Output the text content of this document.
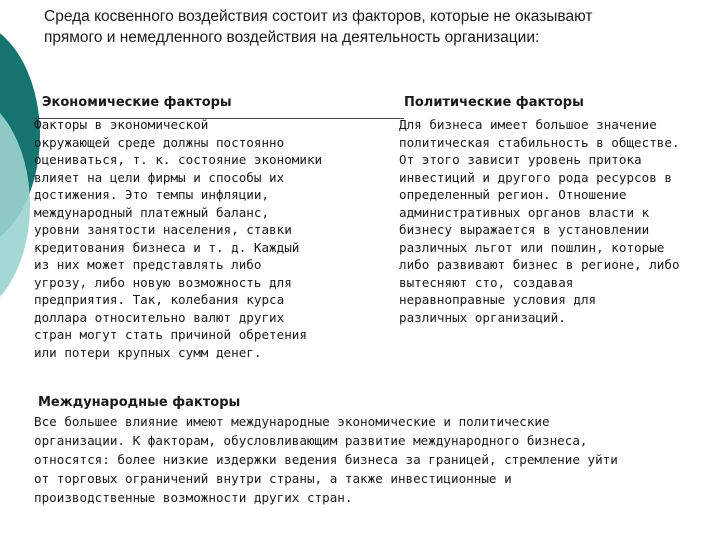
Среда косвенного воздействия состоит из факторов, которые не оказывают прямого и немедленного воздействия на деятельность организации:
Экономические факторы
Факторы в экономической
окружающей среде должны постоянно
оцениваться, т. к. состояние экономики
влияет на цели фирмы и способы их
достижения. Это темпы инфляции,
международный платежный баланс,
уровни занятости населения, ставки
кредитования бизнеса и т. д. Каждый
из них может представлять либо
угрозу, либо новую возможность для
предприятия. Так, колебания курса
доллара относительно валют других
стран могут стать причиной обретения
или потери крупных сумм денег.
Политические факторы
Для бизнеса имеет большое значение
политическая стабильность в обществе.
От этого зависит уровень притока
инвестиций и другого рода ресурсов в
определенный регион. Отношение
административных органов власти к
бизнесу выражается в установлении
различных льгот или пошлин, которые
либо развивают бизнес в регионе, либо
вытесняют сто, создавая
неравноправные условия для
различных организаций.
Международные факторы
Все большее влияние имеют международные экономические и политические
организации. К факторам, обусловливающим развитие международного бизнеса,
относятся: более низкие издержки ведения бизнеса за границей, стремление уйти
от торговых ограничений внутри страны, а также инвестиционные и
производственные возможности других стран.
